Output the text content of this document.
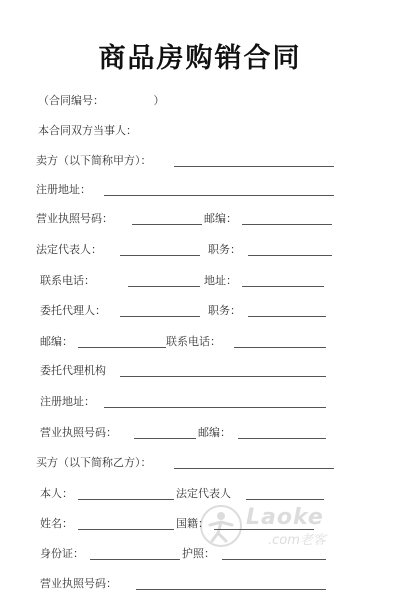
商品房购销合同
（合同编号：　　　　　）
本合同双方当事人：
卖方（以下简称甲方）：
注册地址：
营业执照号码：	邮编：
法定代表人：	职务：
联系电话：	地址：
委托代理人：	职务：
邮编：	联系电话：
委托代理机构
注册地址：
营业执照号码：	邮编：
买方（以下简称乙方）：
本人：	法定代表人
姓名：	国籍：
身份证：	护照：
营业执照号码：
Laoke
.com老客
